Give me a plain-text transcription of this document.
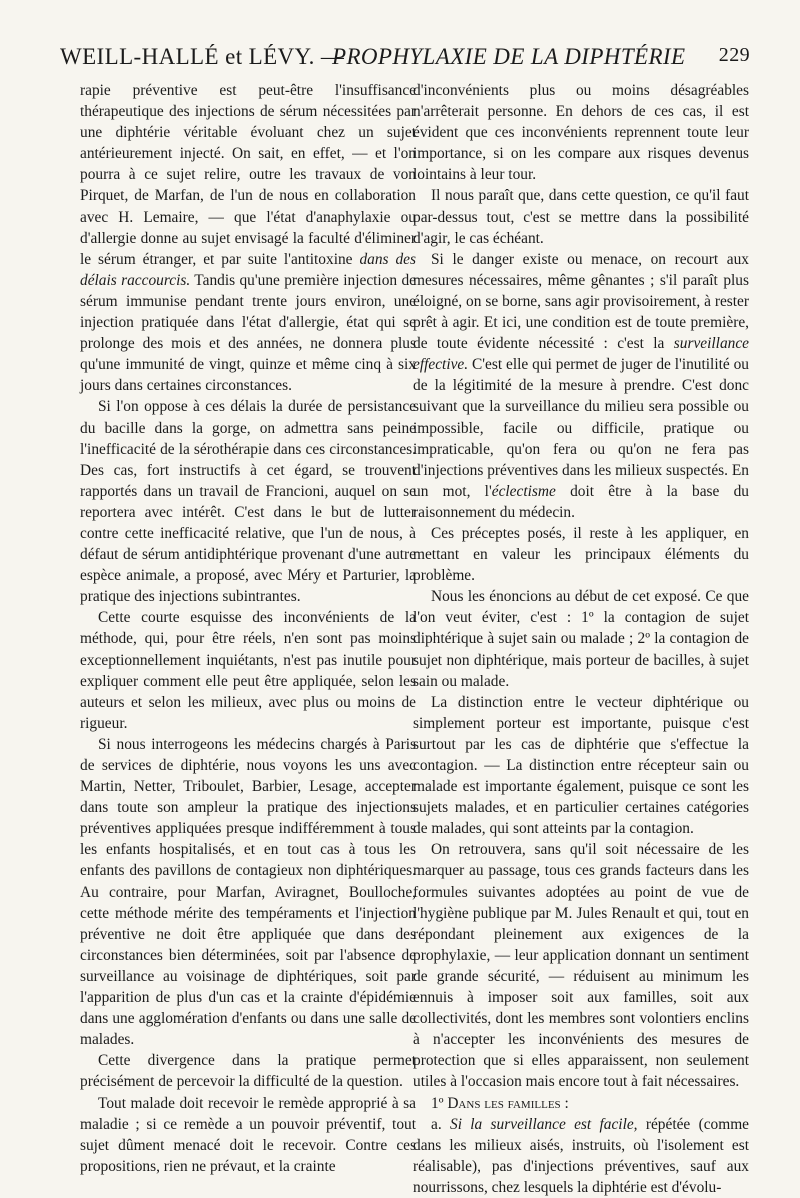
WEILL-HALLÉ et LÉVY. —
PROPHYLAXIE DE LA DIPHTÉRIE 229

rapie préventive est peut-être l'insuffisance thérapeutique des injections de sérum nécessitées par une diphtérie véritable évoluant chez un sujet antérieurement injecté. On sait, en effet, — et l'on pourra à ce sujet relire, outre les travaux de von Pirquet, de Marfan, de l'un de nous en collaboration avec H. Lemaire, — que l'état d'anaphylaxie ou d'allergie donne au sujet envisagé la faculté d'éliminer le sérum étranger, et par suite l'antitoxine dans des délais raccourcis. Tandis qu'une première injection de sérum immunise pendant trente jours environ, une injection pratiquée dans l'état d'allergie, état qui se prolonge des mois et des années, ne donnera plus qu'une immunité de vingt, quinze et même cinq à six jours dans certaines circonstances.

Si l'on oppose à ces délais la durée de persistance du bacille dans la gorge, on admettra sans peine l'inefficacité de la sérothérapie dans ces circonstances. Des cas, fort instructifs à cet égard, se trouvent rapportés dans un travail de Francioni, auquel on se reportera avec intérêt. C'est dans le but de lutter contre cette inefficacité relative, que l'un de nous, à défaut de sérum antidiphtérique provenant d'une autre espèce animale, a proposé, avec Méry et Parturier, la pratique des injections subintrantes.

Cette courte esquisse des inconvénients de la méthode, qui, pour être réels, n'en sont pas moins exceptionnellement inquiétants, n'est pas inutile pour expliquer comment elle peut être appliquée, selon les auteurs et selon les milieux, avec plus ou moins de rigueur.

Si nous interrogeons les médecins chargés à Paris de services de diphtérie, nous voyons les uns avec Martin, Netter, Triboulet, Barbier, Lesage, accepter dans toute son ampleur la pratique des injections préventives appliquées presque indifféremment à tous les enfants hospitalisés, et en tout cas à tous les enfants des pavillons de contagieux non diphtériques. Au contraire, pour Marfan, Aviragnet, Boulloche, cette méthode mérite des tempéraments et l'injection préventive ne doit être appliquée que dans des circonstances bien déterminées, soit par l'absence de surveillance au voisinage de diphtériques, soit par l'apparition de plus d'un cas et la crainte d'épidémie dans une agglomération d'enfants ou dans une salle de malades.

Cette divergence dans la pratique permet précisément de percevoir la difficulté de la question.

Tout malade doit recevoir le remède approprié à sa maladie ; si ce remède a un pouvoir préventif, tout sujet dûment menacé doit le recevoir. Contre ces propositions, rien ne prévaut, et la crainte

d'inconvénients plus ou moins désagréables n'arrêterait personne. En dehors de ces cas, il est évident que ces inconvénients reprennent toute leur importance, si on les compare aux risques devenus lointains à leur tour.

Il nous paraît que, dans cette question, ce qu'il faut par-dessus tout, c'est se mettre dans la possibilité d'agir, le cas échéant.

Si le danger existe ou menace, on recourt aux mesures nécessaires, même gênantes ; s'il paraît plus éloigné, on se borne, sans agir provisoirement, à rester prêt à agir. Et ici, une condition est de toute première, de toute évidente nécessité : c'est la surveillance effective. C'est elle qui permet de juger de l'inutilité ou de la légitimité de la mesure à prendre. C'est donc suivant que la surveillance du milieu sera possible ou impossible, facile ou difficile, pratique ou impraticable, qu'on fera ou qu'on ne fera pas d'injections préventives dans les milieux suspectés. En un mot, l'éclectisme doit être à la base du raisonnement du médecin.

Ces préceptes posés, il reste à les appliquer, en mettant en valeur les principaux éléments du problème.

Nous les énoncions au début de cet exposé. Ce que l'on veut éviter, c'est : 1º la contagion de sujet diphtérique à sujet sain ou malade ; 2º la contagion de sujet non diphtérique, mais porteur de bacilles, à sujet sain ou malade.

La distinction entre le vecteur diphtérique ou simplement porteur est importante, puisque c'est surtout par les cas de diphtérie que s'effectue la contagion. — La distinction entre récepteur sain ou malade est importante également, puisque ce sont les sujets malades, et en particulier certaines catégories de malades, qui sont atteints par la contagion.

On retrouvera, sans qu'il soit nécessaire de les marquer au passage, tous ces grands facteurs dans les formules suivantes adoptées au point de vue de l'hygiène publique par M. Jules Renault et qui, tout en répondant pleinement aux exigences de la prophylaxie, — leur application donnant un sentiment de grande sécurité, — réduisent au minimum les ennuis à imposer soit aux familles, soit aux collectivités, dont les membres sont volontiers enclins à n'accepter les inconvénients des mesures de protection que si elles apparaissent, non seulement utiles à l'occasion mais encore tout à fait nécessaires.

1º Dans les familles :

a. Si la surveillance est facile, répétée (comme dans les milieux aisés, instruits, où l'isolement est réalisable), pas d'injections préventives, sauf aux nourrissons, chez lesquels la diphtérie est d'évolu-
